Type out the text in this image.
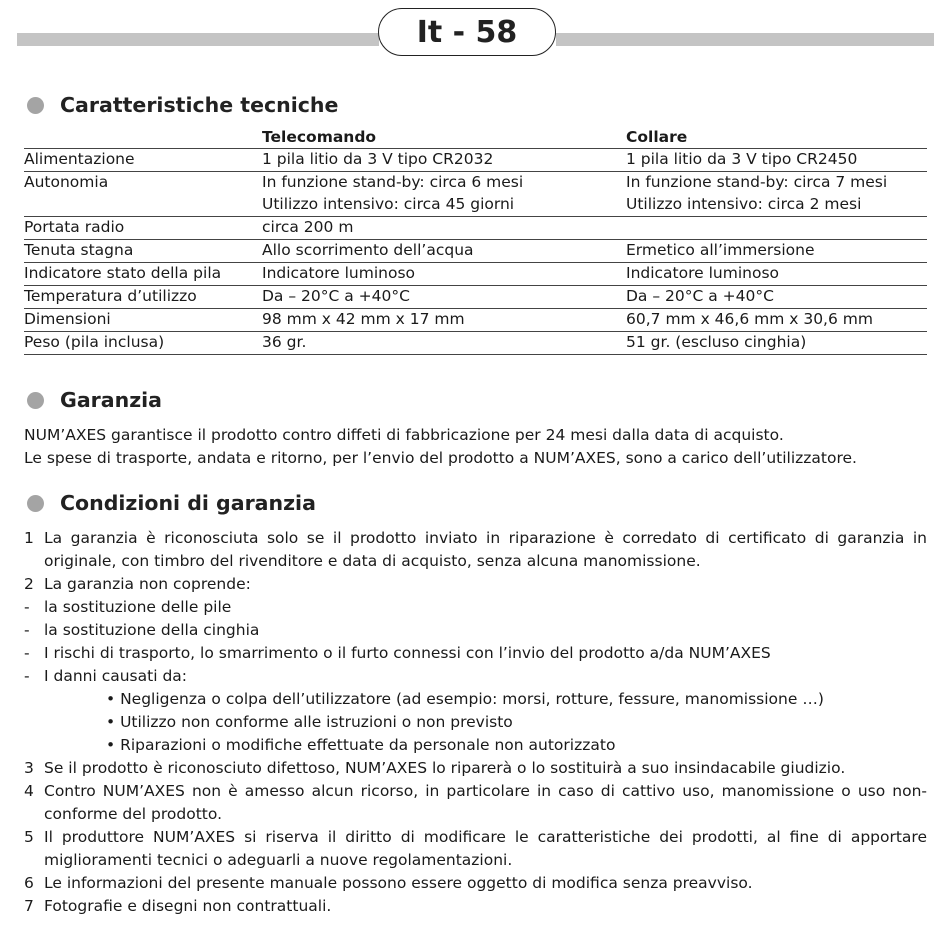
It - 58
Caratteristiche tecniche
Telecomando	Collare
Alimentazione	1 pila litio da 3 V tipo CR2032	1 pila litio da 3 V tipo CR2450
Autonomia	In funzione stand-by: circa 6 mesi	In funzione stand-by: circa 7 mesi
Utilizzo intensivo: circa 45 giorni	Utilizzo intensivo: circa 2 mesi
Portata radio	circa 200 m
Tenuta stagna	Allo scorrimento dell’acqua	Ermetico all’immersione
Indicatore stato della pila	Indicatore luminoso	Indicatore luminoso
Temperatura d’utilizzo	Da – 20°C a +40°C	Da – 20°C a +40°C
Dimensioni	98 mm x 42 mm x 17 mm	60,7 mm x 46,6 mm x 30,6 mm
Peso (pila inclusa)	36 gr.	51 gr. (escluso cinghia)
Garanzia
NUM’AXES garantisce il prodotto contro diffeti di fabbricazione per 24 mesi dalla data di acquisto.
Le spese di trasporte, andata e ritorno, per l’envio del prodotto a NUM’AXES, sono a carico dell’utilizzatore.
Condizioni di garanzia
1 La garanzia è riconosciuta solo se il prodotto inviato in riparazione è corredato di certificato di garanzia in originale, con timbro del rivenditore e data di acquisto, senza alcuna manomissione.
2 La garanzia non coprende:
- la sostituzione delle pile
- la sostituzione della cinghia
- I rischi di trasporto, lo smarrimento o il furto connessi con l’invio del prodotto a/da NUM’AXES
- I danni causati da:
• Negligenza o colpa dell’utilizzatore (ad esempio: morsi, rotture, fessure, manomissione …)
• Utilizzo non conforme alle istruzioni o non previsto
• Riparazioni o modifiche effettuate da personale non autorizzato
3 Se il prodotto è riconosciuto difettoso, NUM’AXES lo riparerà o lo sostituirà a suo insindacabile giudizio.
4 Contro NUM’AXES non è amesso alcun ricorso, in particolare in caso di cattivo uso, manomissione o uso non-conforme del prodotto.
5 Il produttore NUM’AXES si riserva il diritto di modificare le caratteristiche dei prodotti, al fine di apportare miglioramenti tecnici o adeguarli a nuove regolamentazioni.
6 Le informazioni del presente manuale possono essere oggetto di modifica senza preavviso.
7 Fotografie e disegni non contrattuali.
